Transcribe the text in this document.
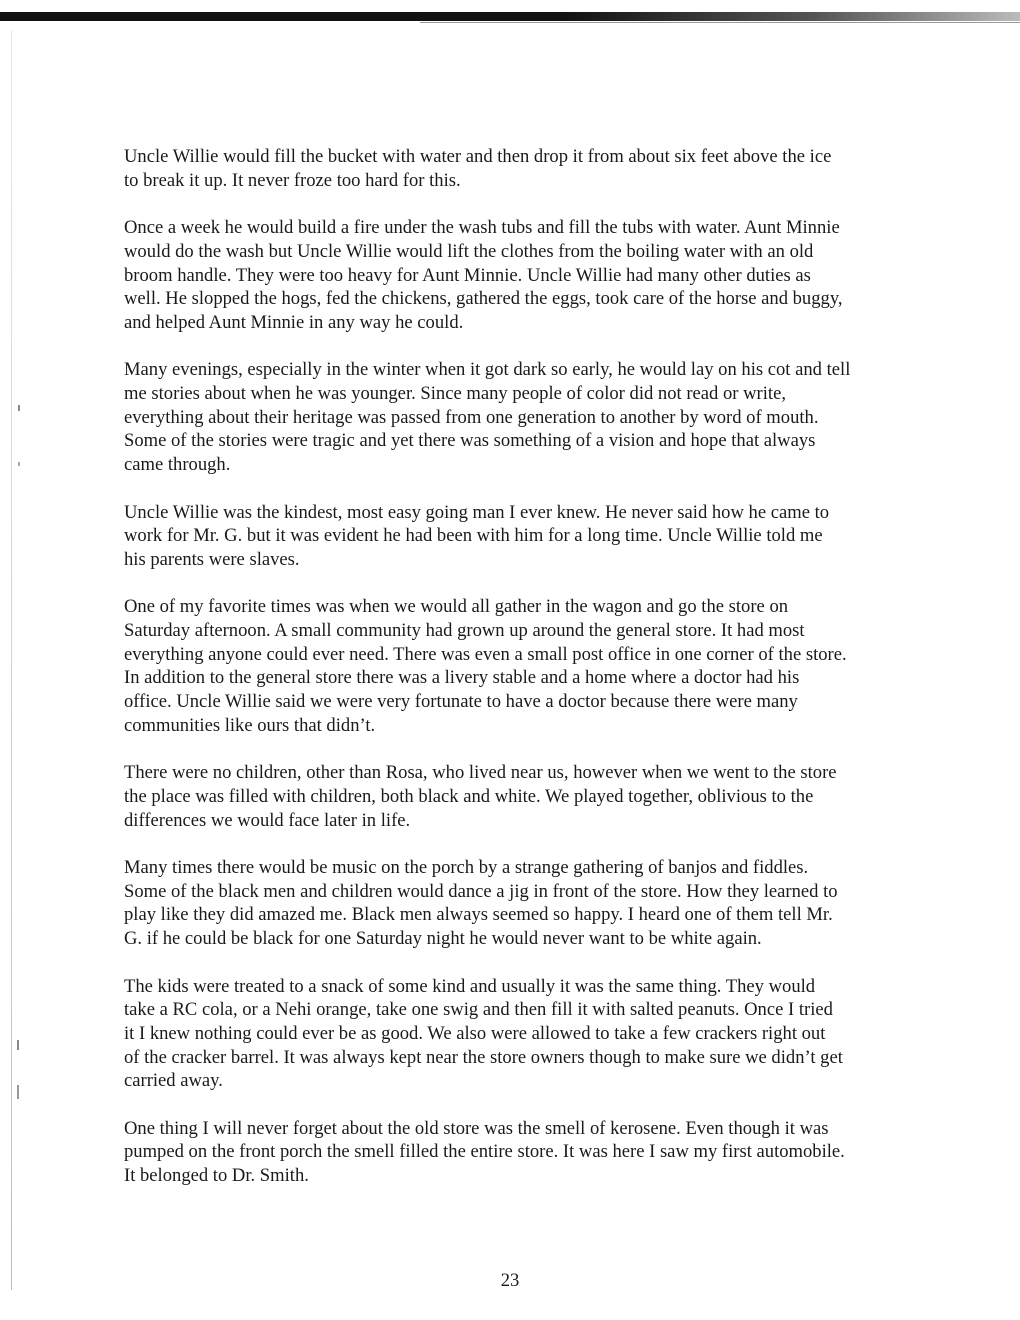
Uncle Willie would fill the bucket with water and then drop it from about six feet above the ice
to break it up. It never froze too hard for this.

Once a week he would build a fire under the wash tubs and fill the tubs with water. Aunt Minnie
would do the wash but Uncle Willie would lift the clothes from the boiling water with an old
broom handle. They were too heavy for Aunt Minnie. Uncle Willie had many other duties as
well. He slopped the hogs, fed the chickens, gathered the eggs, took care of the horse and buggy,
and helped Aunt Minnie in any way he could.

Many evenings, especially in the winter when it got dark so early, he would lay on his cot and tell
me stories about when he was younger. Since many people of color did not read or write,
everything about their heritage was passed from one generation to another by word of mouth.
Some of the stories were tragic and yet there was something of a vision and hope that always
came through.

Uncle Willie was the kindest, most easy going man I ever knew. He never said how he came to
work for Mr. G. but it was evident he had been with him for a long time. Uncle Willie told me
his parents were slaves.

One of my favorite times was when we would all gather in the wagon and go the store on
Saturday afternoon. A small community had grown up around the general store. It had most
everything anyone could ever need. There was even a small post office in one corner of the store.
In addition to the general store there was a livery stable and a home where a doctor had his
office. Uncle Willie said we were very fortunate to have a doctor because there were many
communities like ours that didn’t.

There were no children, other than Rosa, who lived near us, however when we went to the store
the place was filled with children, both black and white. We played together, oblivious to the
differences we would face later in life.

Many times there would be music on the porch by a strange gathering of banjos and fiddles.
Some of the black men and children would dance a jig in front of the store. How they learned to
play like they did amazed me. Black men always seemed so happy. I heard one of them tell Mr.
G. if he could be black for one Saturday night he would never want to be white again.

The kids were treated to a snack of some kind and usually it was the same thing. They would
take a RC cola, or a Nehi orange, take one swig and then fill it with salted peanuts. Once I tried
it I knew nothing could ever be as good. We also were allowed to take a few crackers right out
of the cracker barrel. It was always kept near the store owners though to make sure we didn’t get
carried away.

One thing I will never forget about the old store was the smell of kerosene. Even though it was
pumped on the front porch the smell filled the entire store. It was here I saw my first automobile.
It belonged to Dr. Smith.

23
